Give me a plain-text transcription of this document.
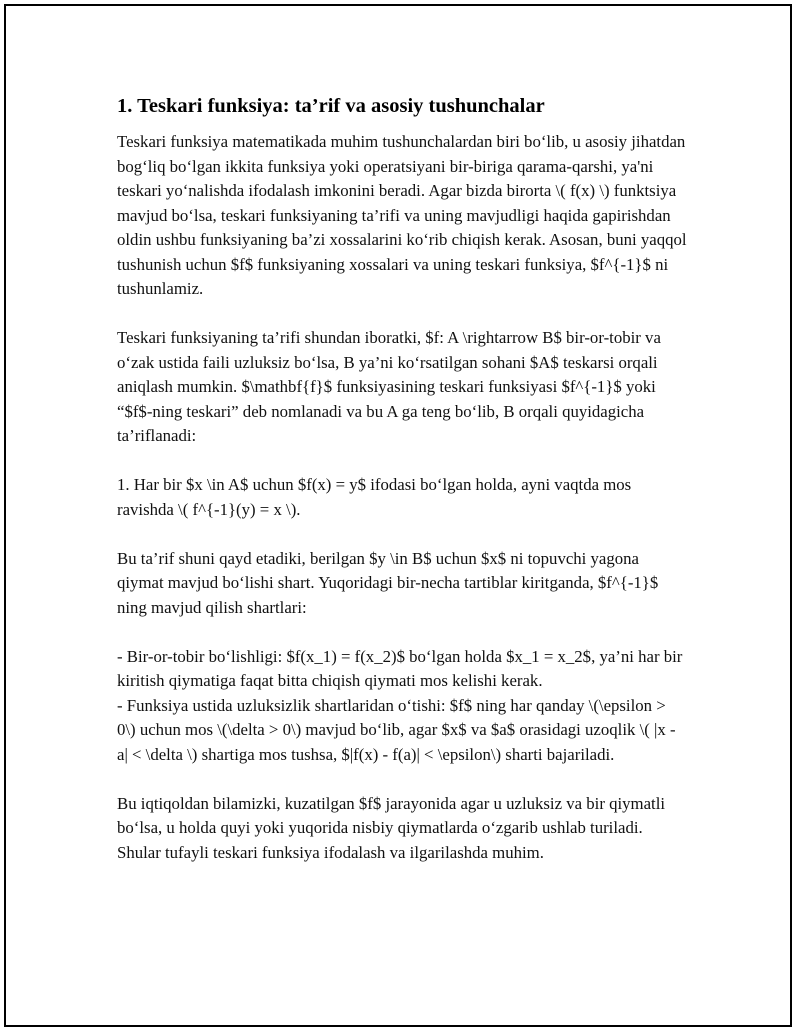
1. Teskari funksiya: ta’rif va asosiy tushunchalar

Teskari funksiya matematikada muhim tushunchalardan biri bo‘lib, u asosiy jihatdan bog‘liq bo‘lgan ikkita funksiya yoki operatsiyani bir-biriga qarama-qarshi, ya'ni teskari yo‘nalishda ifodalash imkonini beradi. Agar bizda birorta \( f(x) \) funktsiya mavjud bo‘lsa, teskari funksiyaning ta’rifi va uning mavjudligi haqida gapirishdan oldin ushbu funksiyaning ba’zi xossalarini ko‘rib chiqish kerak. Asosan, buni yaqqol tushunish uchun $f$ funksiyaning xossalari va uning teskari funksiya, $f^{-1}$ ni tushunlamiz.

Teskari funksiyaning ta’rifi shundan iboratki, $f: A \rightarrow B$ bir-or-tobir va o‘zak ustida faili uzluksiz bo‘lsa, B ya’ni ko‘rsatilgan sohani $A$ teskarsi orqali aniqlash mumkin. $\mathbf{f}$ funksiyasining teskari funksiyasi $f^{-1}$ yoki “$f$-ning teskari” deb nomlanadi va bu A ga teng bo‘lib, B orqali quyidagicha ta’riflanadi:

1. Har bir $x \in A$ uchun $f(x) = y$ ifodasi bo‘lgan holda, ayni vaqtda mos ravishda \( f^{-1}(y) = x \).

Bu ta’rif shuni qayd etadiki, berilgan $y \in B$ uchun $x$ ni topuvchi yagona qiymat mavjud bo‘lishi shart. Yuqoridagi bir-necha tartiblar kiritganda, $f^{-1}$ ning mavjud qilish shartlari:

- Bir-or-tobir bo‘lishligi: $f(x_1) = f(x_2)$ bo‘lgan holda $x_1 = x_2$, ya’ni har bir kiritish qiymatiga faqat bitta chiqish qiymati mos kelishi kerak.

- Funksiya ustida uzluksizlik shartlaridan o‘tishi: $f$ ning har qanday \(\epsilon > 0\) uchun mos \(\delta > 0\) mavjud bo‘lib, agar $x$ va $a$ orasidagi uzoqlik \( |x - a| < \delta \) shartiga mos tushsa, $|f(x) - f(a)| < \epsilon\) sharti bajariladi.

Bu iqtiqoldan bilamizki, kuzatilgan $f$ jarayonida agar u uzluksiz va bir qiymatli bo‘lsa, u holda quyi yoki yuqorida nisbiy qiymatlarda o‘zgarib ushlab turiladi. Shular tufayli teskari funksiya ifodalash va ilgarilashda muhim.
